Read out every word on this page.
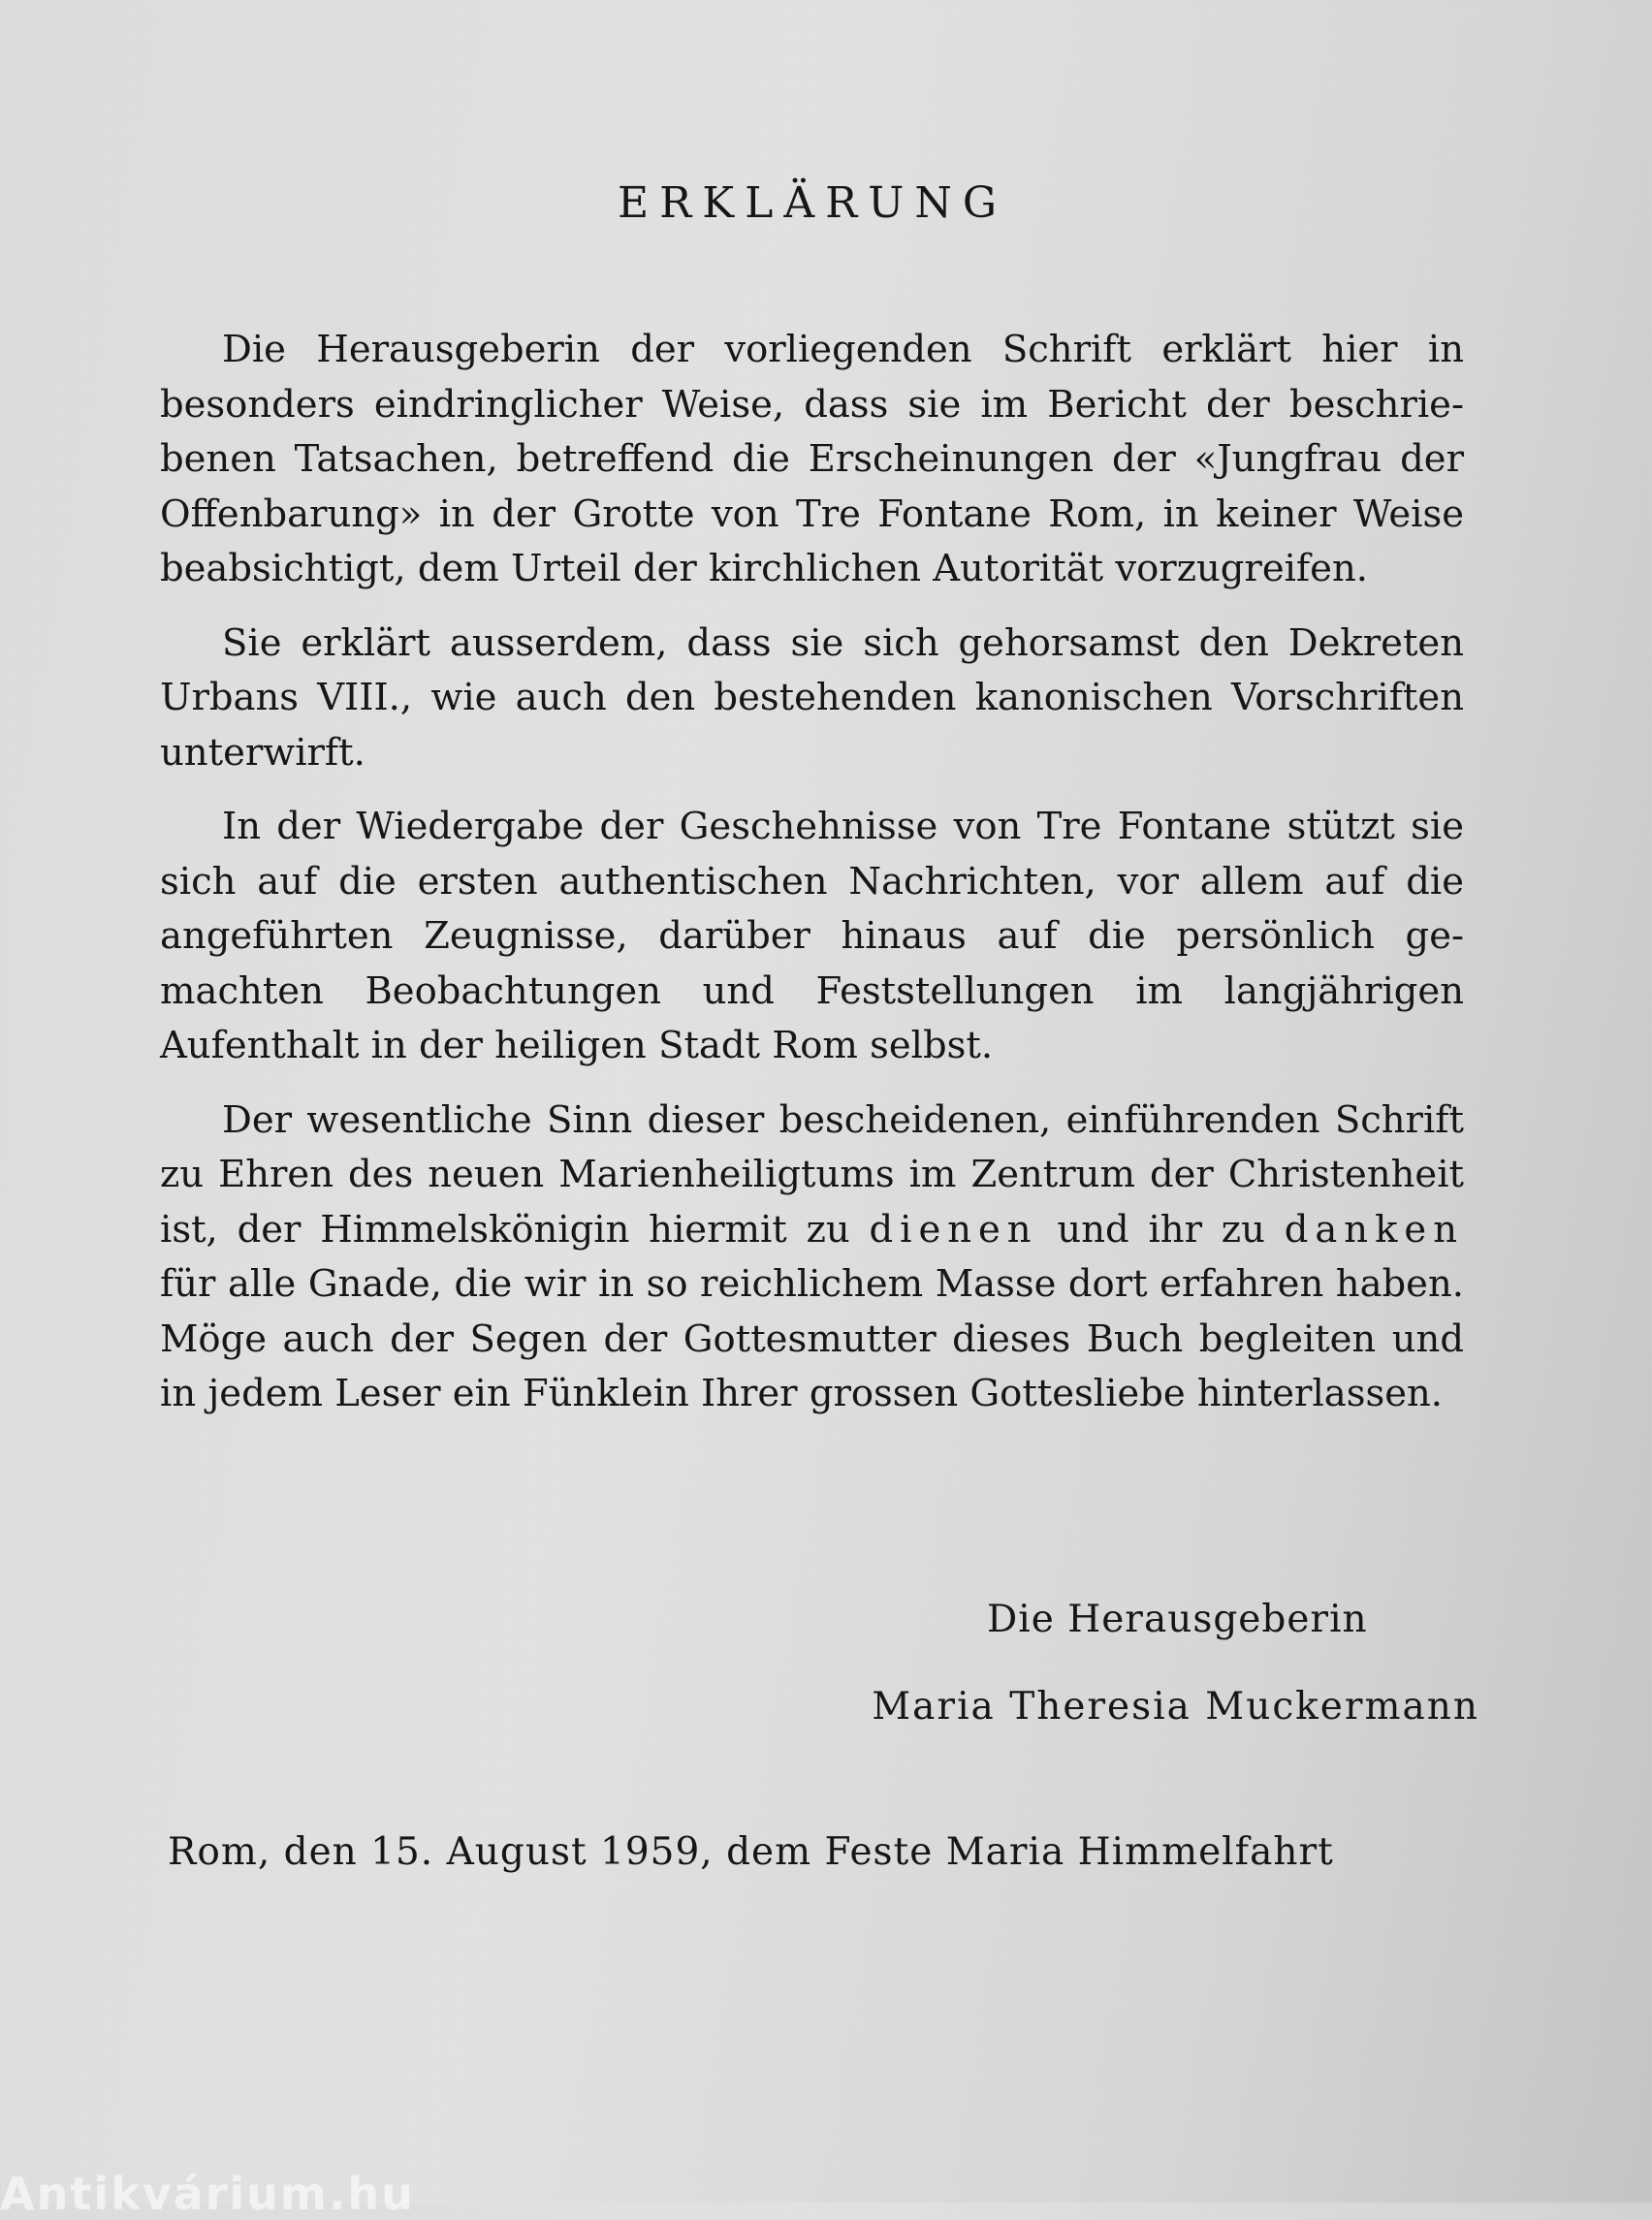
ERKLÄRUNG

Die Herausgeberin der vorliegenden Schrift erklärt hier in besonders eindringlicher Weise, dass sie im Bericht der beschriebenen Tatsachen, betreffend die Erscheinungen der «Jungfrau der Offenbarung» in der Grotte von Tre Fontane Rom, in keiner Weise beabsichtigt, dem Urteil der kirchlichen Autorität vorzugreifen.

Sie erklärt ausserdem, dass sie sich gehorsamst den Dekreten Urbans VIII., wie auch den bestehenden kanonischen Vorschriften unterwirft.

In der Wiedergabe der Geschehnisse von Tre Fontane stützt sie sich auf die ersten authentischen Nachrichten, vor allem auf die angeführten Zeugnisse, darüber hinaus auf die persönlich gemachten Beobachtungen und Feststellungen im langjährigen Aufenthalt in der heiligen Stadt Rom selbst.

Der wesentliche Sinn dieser bescheidenen, einführenden Schrift zu Ehren des neuen Marienheiligtums im Zentrum der Christenheit ist, der Himmelskönigin hiermit zu dienen und ihr zu danken für alle Gnade, die wir in so reichlichem Masse dort erfahren haben. Möge auch der Segen der Gottesmutter dieses Buch begleiten und in jedem Leser ein Fünklein Ihrer grossen Gottesliebe hinterlassen.

Die Herausgeberin
Maria Theresia Muckermann
Rom, den 15. August 1959, dem Feste Maria Himmelfahrt
Antikvárium.hu
